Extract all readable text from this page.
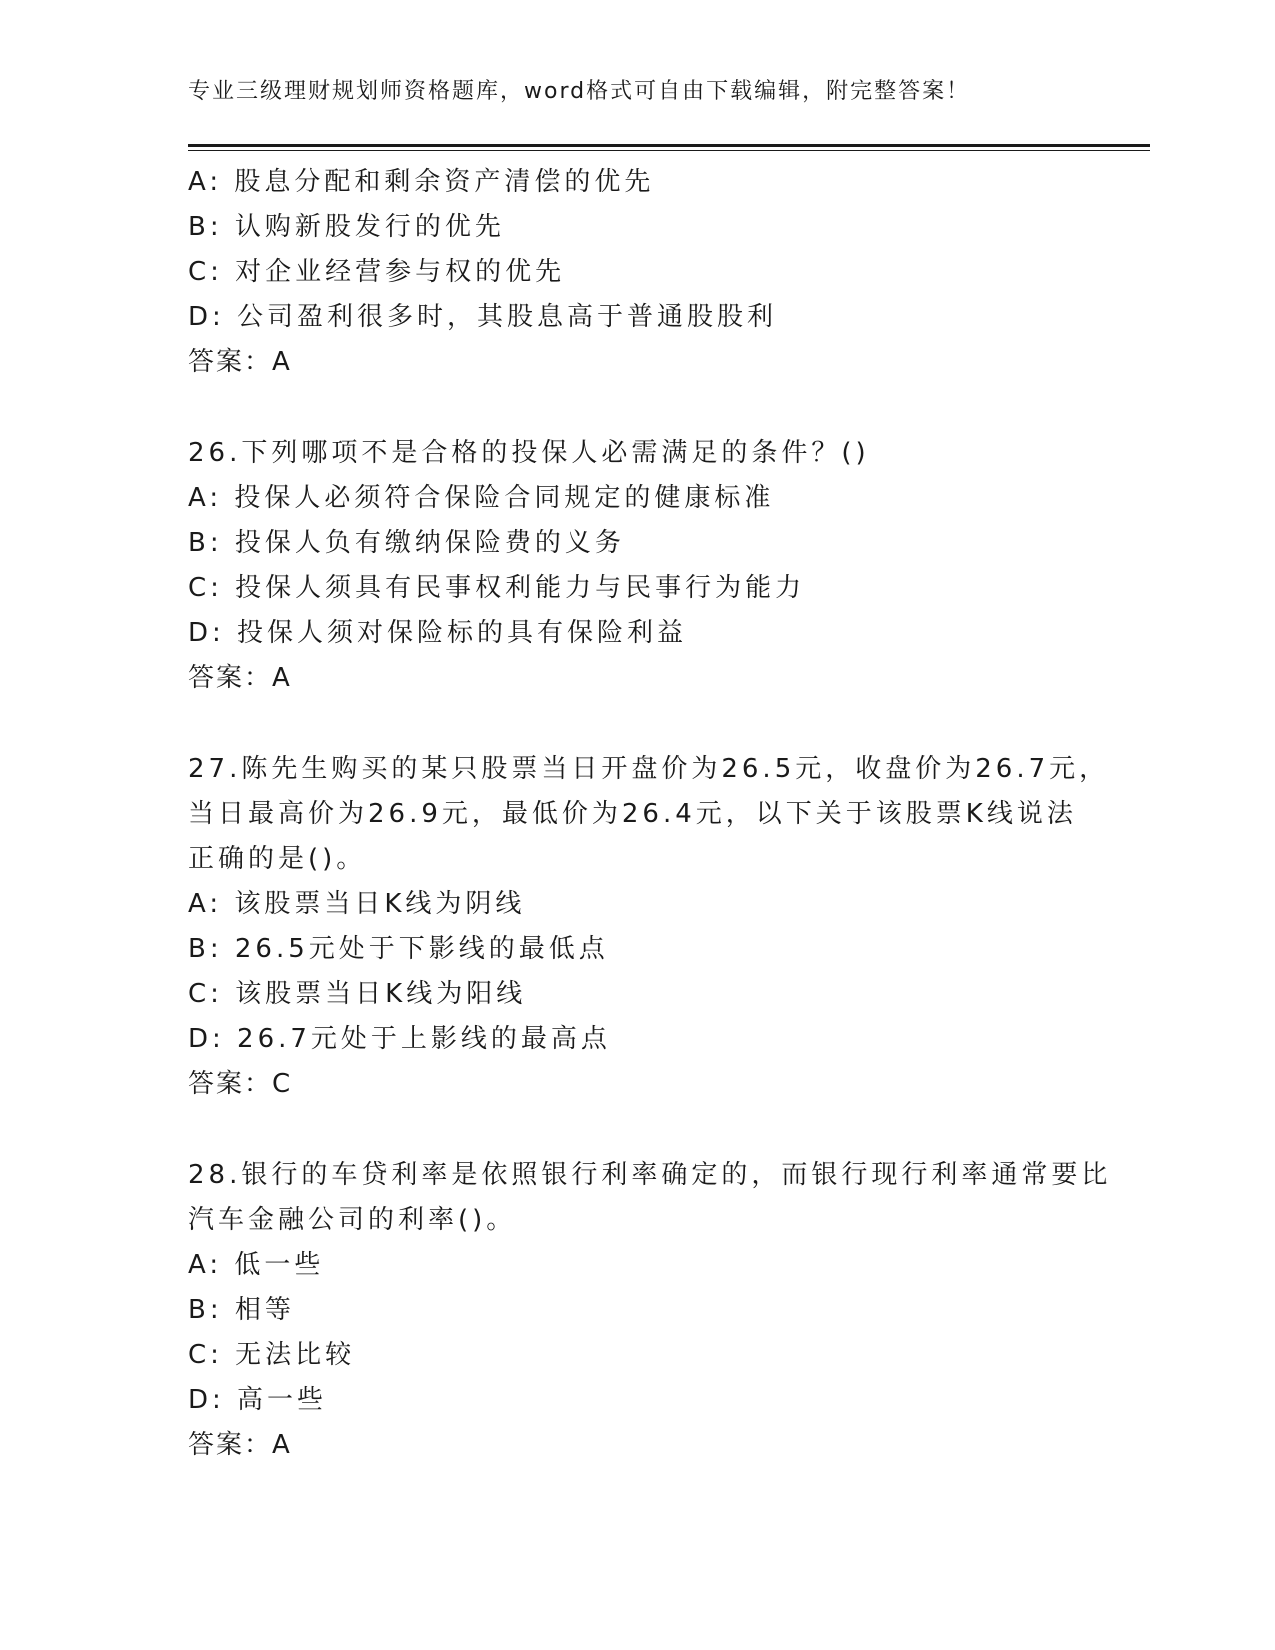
专业三级理财规划师资格题库，word格式可自由下载编辑，附完整答案！
A: 股息分配和剩余资产清偿的优先
B: 认购新股发行的优先
C: 对企业经营参与权的优先
D: 公司盈利很多时，其股息高于普通股股利
答案：A
26.下列哪项不是合格的投保人必需满足的条件？()
A: 投保人必须符合保险合同规定的健康标准
B: 投保人负有缴纳保险费的义务
C: 投保人须具有民事权利能力与民事行为能力
D: 投保人须对保险标的具有保险利益
答案：A
27.陈先生购买的某只股票当日开盘价为26.5元，收盘价为26.7元，
当日最高价为26.9元，最低价为26.4元，以下关于该股票K线说法
正确的是()。
A: 该股票当日K线为阴线
B: 26.5元处于下影线的最低点
C: 该股票当日K线为阳线
D: 26.7元处于上影线的最高点
答案：C
28.银行的车贷利率是依照银行利率确定的，而银行现行利率通常要比
汽车金融公司的利率()。
A: 低一些
B: 相等
C: 无法比较
D: 高一些
答案：A
